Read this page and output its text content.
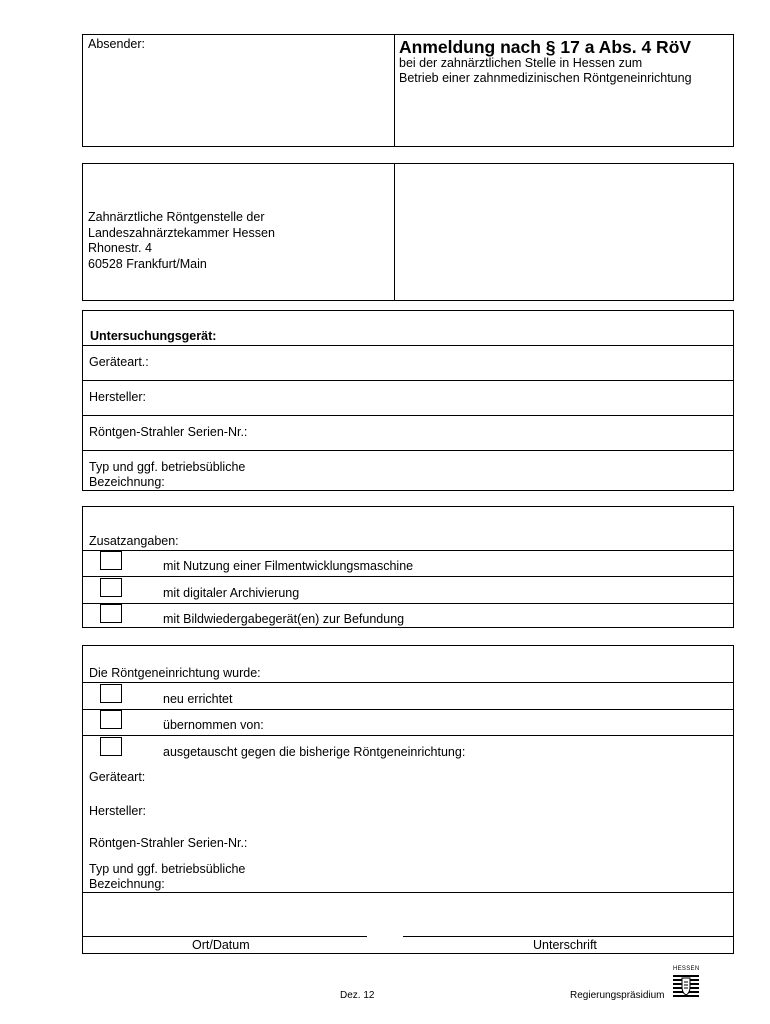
Absender:	Anmeldung nach § 17 a Abs. 4 RöV
bei der zahnärztlichen Stelle in Hessen zum
Betrieb einer zahnmedizinischen Röntgeneinrichtung
Zahnärztliche Röntgenstelle der
Landeszahnärztekammer Hessen
Rhonestr. 4
60528 Frankfurt/Main
Untersuchungsgerät:
Geräteart.:
Hersteller:
Röntgen-Strahler Serien-Nr.:
Typ und ggf. betriebsübliche
Bezeichnung:
Zusatzangaben:
mit Nutzung einer Filmentwicklungsmaschine
mit digitaler Archivierung
mit Bildwiedergabegerät(en) zur Befundung
Die Röntgeneinrichtung wurde:
neu errichtet
übernommen von:
ausgetauscht gegen die bisherige Röntgeneinrichtung:
Geräteart:
Hersteller:
Röntgen-Strahler Serien-Nr.:
Typ und ggf. betriebsübliche
Bezeichnung:
Ort/Datum	Unterschrift
Dez. 12	Regierungspräsidium
HESSEN
